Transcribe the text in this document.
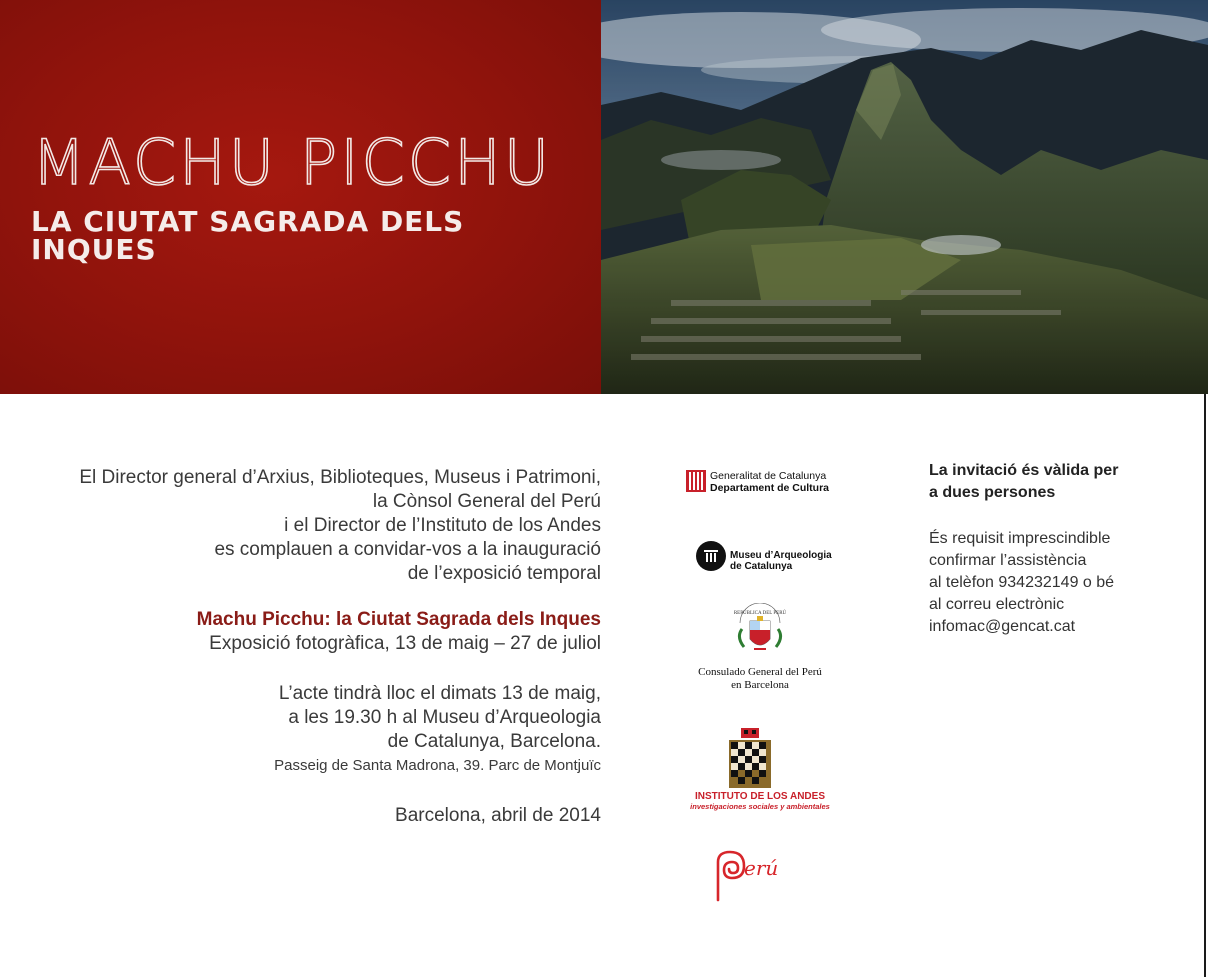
MACHU PICCHU
LA CIUTAT SAGRADA DELS INQUES

El Director general d’Arxius, Biblioteques, Museus i Patrimoni,

la Cònsol General del Perú

i el Director de l’Instituto de los Andes

es complauen a convidar-vos a la inauguració

de l’exposició temporal

Machu Picchu: la Ciutat Sagrada dels Inques

Exposició fotogràfica, 13 de maig – 27 de juliol

L’acte tindrà lloc el dimats 13 de maig,

a les 19.30 h al Museu d’Arqueologia

de Catalunya, Barcelona.

Passeig de Santa Madrona, 39. Parc de Montjuïc

Barcelona, abril de 2014

Generalitat de Catalunya
Departament de Cultura
Museu d’Arqueologia
de Catalunya
REPÚBLICA DEL PERÚ
Consulado General del Perú
en Barcelona
INSTITUTO DE LOS ANDES
investigaciones sociales y ambientales
erú

La invitació és vàlida per

a dues persones

És requisit imprescindible

confirmar l’assistència

al telèfon 934232149 o bé

al correu electrònic

infomac@gencat.cat
